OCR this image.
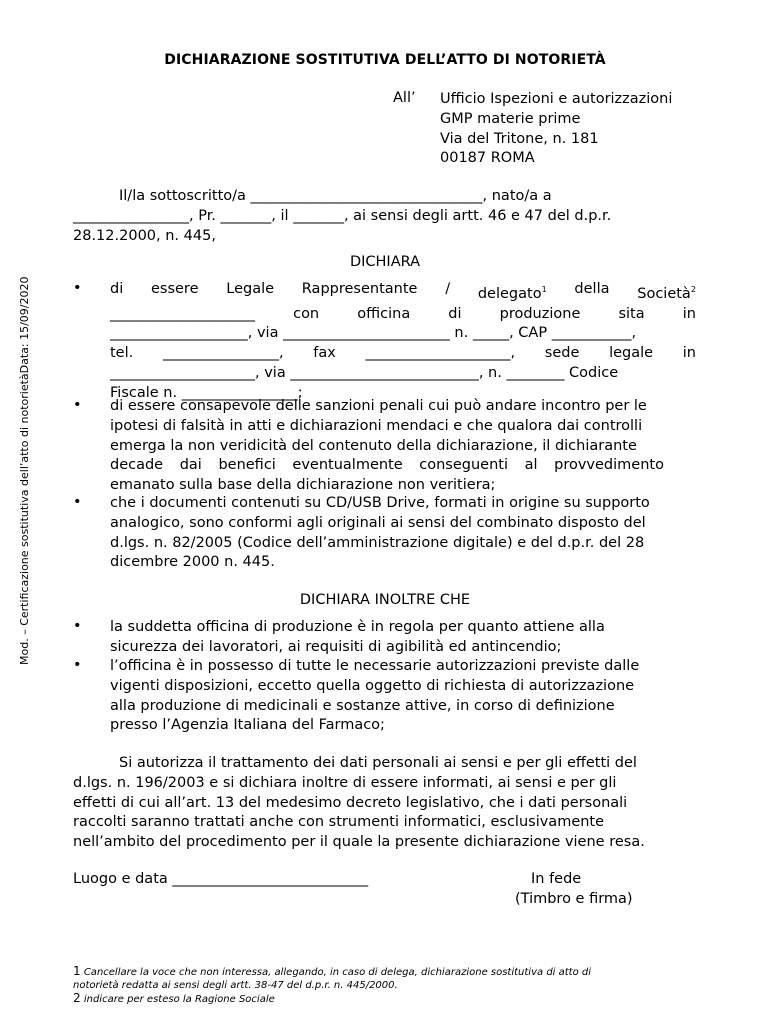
Mod. – Certificazione sostitutiva dell’atto di notorietàData: 15/09/2020
DICHIARAZIONE SOSTITUTIVA DELL’ATTO DI NOTORIETÀ
All’ Ufficio Ispezioni e autorizzazioni
GMP materie prime
Via del Tritone, n. 181
00187 ROMA
Il/la sottoscritto/a ________________________________, nato/a a
________________, Pr. _______, il _______, ai sensi degli artt. 46 e 47 del d.p.r.
28.12.2000, n. 445,
DICHIARA
• di essere Legale Rappresentante / delegato$^1$ della Società$^2$
____________________	con	officina	di	produzione	sita	in
___________________, via _______________________ n. _____, CAP ___________,
tel. ________________, fax ____________________, sede legale in
____________________, via __________________________, n. ________ Codice
Fiscale n. ________________;
• di essere consapevole delle sanzioni penali cui può andare incontro per le
ipotesi di falsità in atti e dichiarazioni mendaci e che qualora dai controlli
emerga la non veridicità del contenuto della dichiarazione, il dichiarante
decade dai benefici eventualmente conseguenti al provvedimento
emanato sulla base della dichiarazione non veritiera;
• che i documenti contenuti su CD/USB Drive, formati in origine su supporto
analogico, sono conformi agli originali ai sensi del combinato disposto del
d.lgs. n. 82/2005 (Codice dell’amministrazione digitale) e del d.p.r. del 28
dicembre 2000 n. 445.
DICHIARA INOLTRE CHE
• la suddetta officina di produzione è in regola per quanto attiene alla
sicurezza dei lavoratori, ai requisiti di agibilità ed antincendio;
• l’officina è in possesso di tutte le necessarie autorizzazioni previste dalle
vigenti disposizioni, eccetto quella oggetto di richiesta di autorizzazione
alla produzione di medicinali e sostanze attive, in corso di definizione
presso l’Agenzia Italiana del Farmaco;
Si autorizza il trattamento dei dati personali ai sensi e per gli effetti del
d.lgs. n. 196/2003 e si dichiara inoltre di essere informati, ai sensi e per gli
effetti di cui all’art. 13 del medesimo decreto legislativo, che i dati personali
raccolti saranno trattati anche con strumenti informatici, esclusivamente
nell’ambito del procedimento per il quale la presente dichiarazione viene resa.
Luogo e data ___________________________	In fede
(Timbro e firma)
1 Cancellare la voce che non interessa, allegando, in caso di delega, dichiarazione sostitutiva di atto di
notorietà redatta ai sensi degli artt. 38-47 del d.p.r. n. 445/2000.
2 indicare per esteso la Ragione Sociale
